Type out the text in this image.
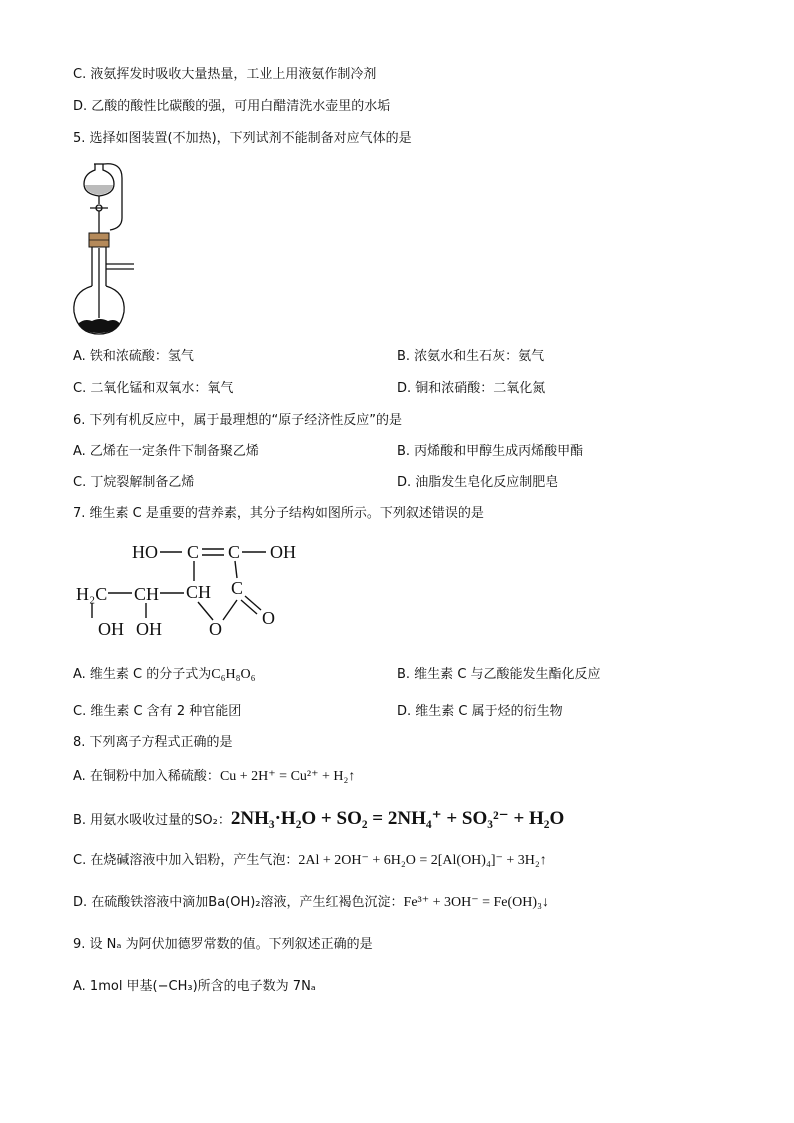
C. 液氨挥发时吸收大量热量，工业上用液氨作制冷剂
D. 乙酸的酸性比碳酸的强，可用白醋清洗水壶里的水垢
5. 选择如图装置(不加热)，下列试剂不能制备对应气体的是
A. 铁和浓硫酸：氢气	B. 浓氨水和生石灰：氨气
C. 二氧化锰和双氧水：氧气	D. 铜和浓硝酸：二氧化氮
6. 下列有机反应中，属于最理想的“原子经济性反应”的是
A. 乙烯在一定条件下制备聚乙烯	B. 丙烯酸和甲醇生成丙烯酸甲酯
C. 丁烷裂解制备乙烯	D. 油脂发生皂化反应制肥皂
7. 维生素 C 是重要的营养素，其分子结构如图所示。下列叙述错误的是
HO C C OH
H₂C CH CH C
OH OH	O
O
A. 维生素 C 的分子式为C₆H₈O₆	B. 维生素 C 与乙酸能发生酯化反应
C. 维生素 C 含有 2 种官能团	D. 维生素 C 属于烃的衍生物
8. 下列离子方程式正确的是
A. 在铜粉中加入稀硫酸：Cu + 2H⁺ = Cu²⁺ + H₂↑
B. 用氨水吸收过量的SO₂：2NH₃·H₂O + SO₂ = 2NH₄⁺ + SO₃²⁻ + H₂O
C. 在烧碱溶液中加入铝粉，产生气泡：2Al + 2OH⁻ + 6H₂O = 2[Al(OH)₄]⁻ + 3H₂↑
D. 在硫酸铁溶液中滴加Ba(OH)₂溶液，产生红褐色沉淀：Fe³⁺ + 3OH⁻ = Fe(OH)₃↓
9. 设 Nₐ 为阿伏加德罗常数的值。下列叙述正确的是
A. 1mol 甲基(−CH₃)所含的电子数为 7Nₐ
